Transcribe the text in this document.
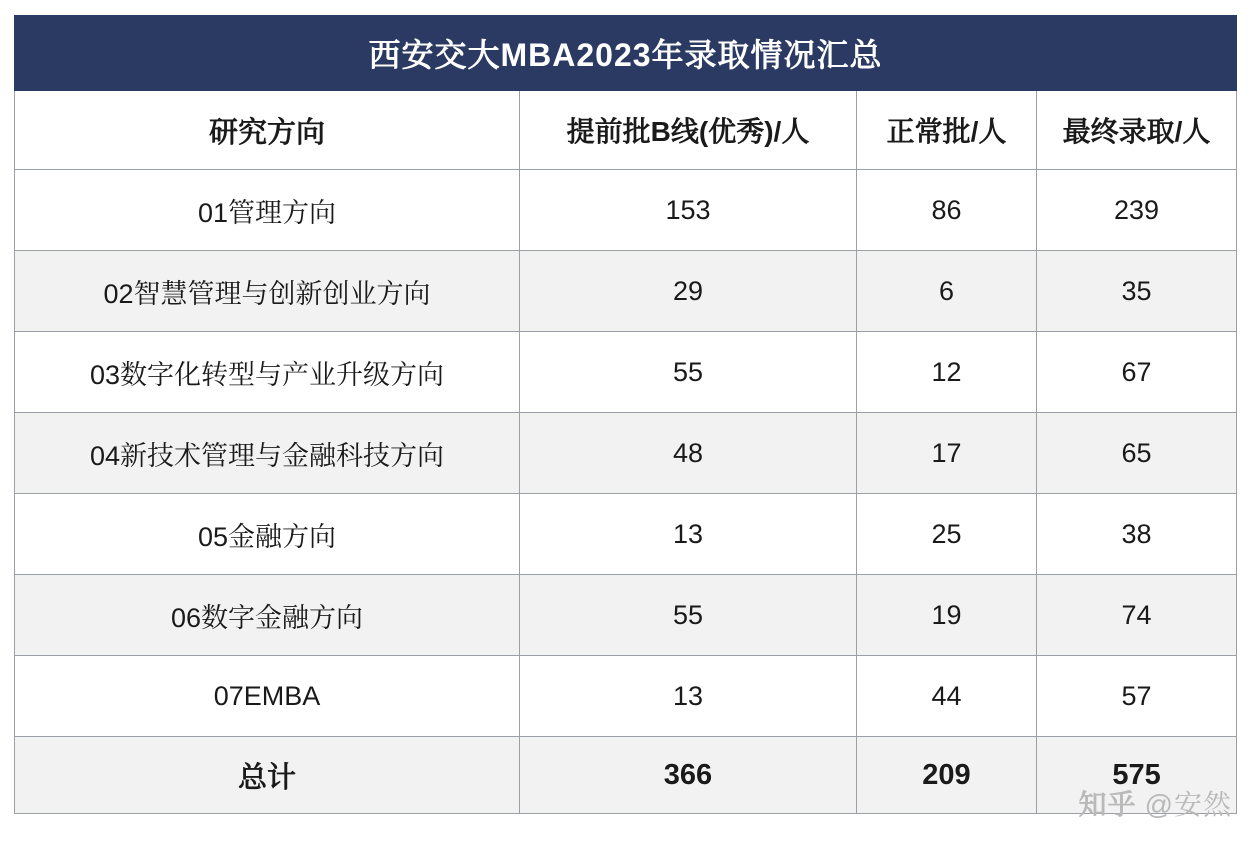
西安交大MBA2023年录取情况汇总			
研究方向	提前批B线(优秀)/人	正常批/人	最终录取/人
01管理方向	153	86	239
02智慧管理与创新创业方向	29	6	35
03数字化转型与产业升级方向	55	12	67
04新技术管理与金融科技方向	48	17	65
05金融方向	13	25	38
06数字金融方向	55	19	74
07EMBA	13	44	57
总计	366	209	575
知乎 @安然
